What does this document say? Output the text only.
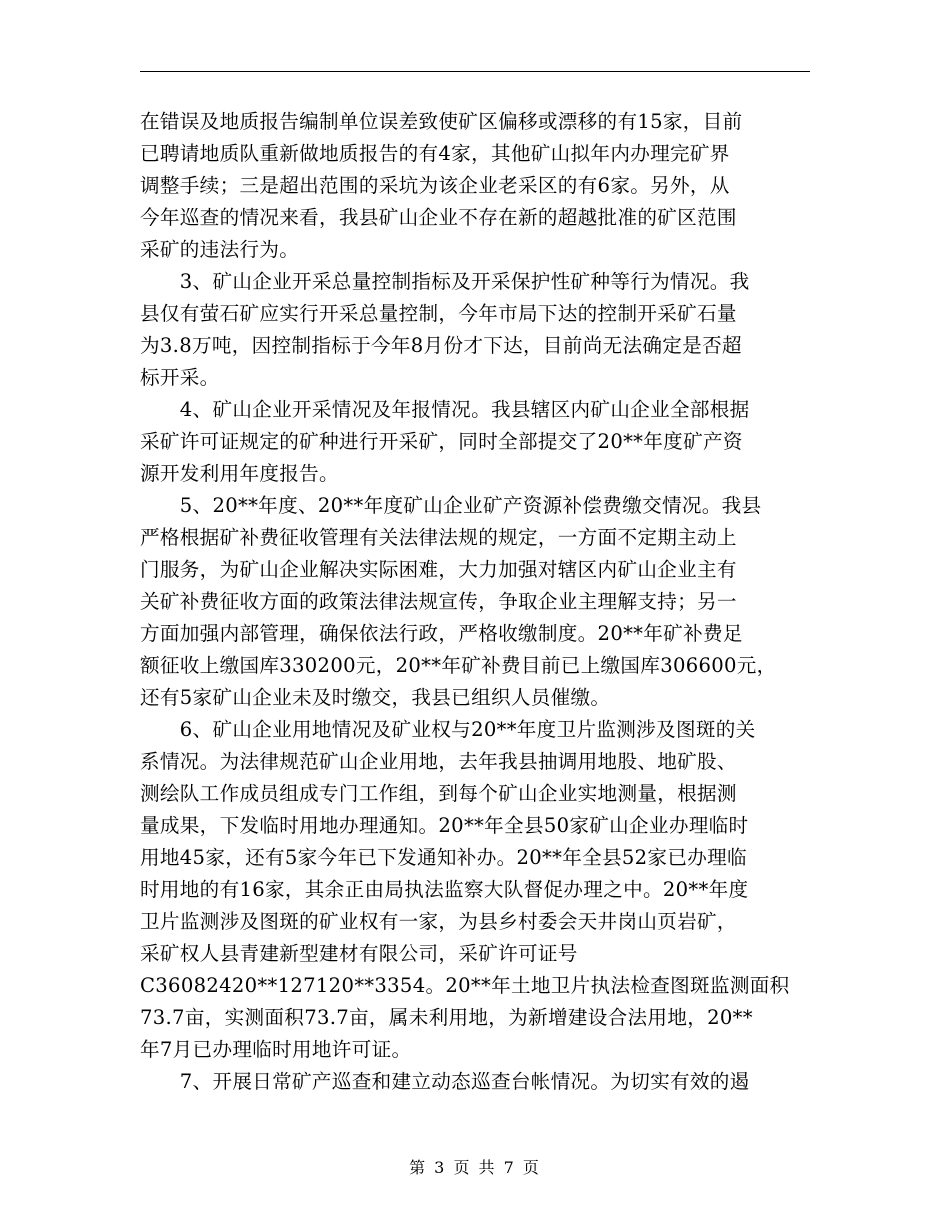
在错误及地质报告编制单位误差致使矿区偏移或漂移的有15家，目前
已聘请地质队重新做地质报告的有4家，其他矿山拟年内办理完矿界
调整手续；三是超出范围的采坑为该企业老采区的有6家。另外，从
今年巡查的情况来看，我县矿山企业不存在新的超越批准的矿区范围
采矿的违法行为。
　　3、矿山企业开采总量控制指标及开采保护性矿种等行为情况。我
县仅有萤石矿应实行开采总量控制，今年市局下达的控制开采矿石量
为3.8万吨，因控制指标于今年8月份才下达，目前尚无法确定是否超
标开采。
　　4、矿山企业开采情况及年报情况。我县辖区内矿山企业全部根据
采矿许可证规定的矿种进行开采矿，同时全部提交了20**年度矿产资
源开发利用年度报告。
　　5、20**年度、20**年度矿山企业矿产资源补偿费缴交情况。我县
严格根据矿补费征收管理有关法律法规的规定，一方面不定期主动上
门服务，为矿山企业解决实际困难，大力加强对辖区内矿山企业主有
关矿补费征收方面的政策法律法规宣传，争取企业主理解支持；另一
方面加强内部管理，确保依法行政，严格收缴制度。20**年矿补费足
额征收上缴国库330200元，20**年矿补费目前已上缴国库306600元，
还有5家矿山企业未及时缴交，我县已组织人员催缴。
　　6、矿山企业用地情况及矿业权与20**年度卫片监测涉及图斑的关
系情况。为法律规范矿山企业用地，去年我县抽调用地股、地矿股、
测绘队工作成员组成专门工作组，到每个矿山企业实地测量，根据测
量成果，下发临时用地办理通知。20**年全县50家矿山企业办理临时
用地45家，还有5家今年已下发通知补办。20**年全县52家已办理临
时用地的有16家，其余正由局执法监察大队督促办理之中。20**年度
卫片监测涉及图斑的矿业权有一家，为县乡村委会天井岗山页岩矿，
采矿权人县青建新型建材有限公司，采矿许可证号
C36082420**127120**3354。20**年土地卫片执法检查图斑监测面积
73.7亩，实测面积73.7亩，属未利用地，为新增建设合法用地，20**
年7月已办理临时用地许可证。
　　7、开展日常矿产巡查和建立动态巡查台帐情况。为切实有效的遏
第 3 页 共 7 页
